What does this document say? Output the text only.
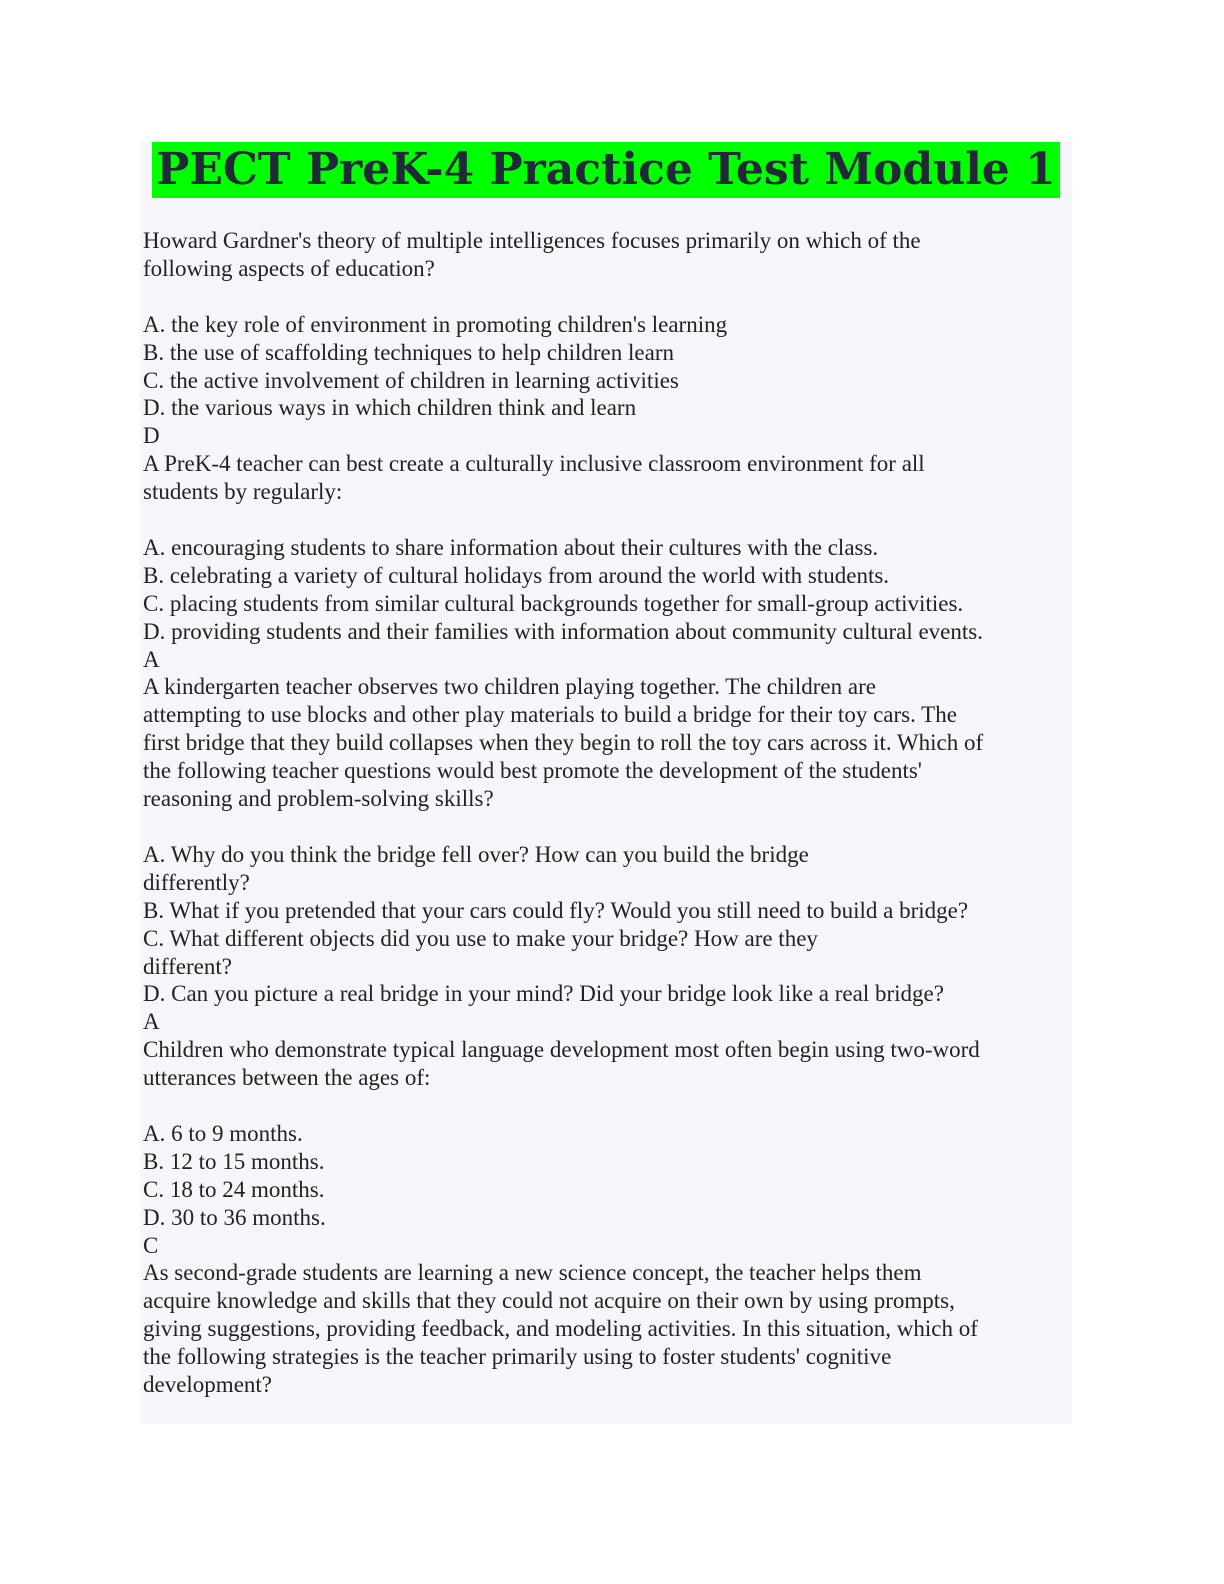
PECT PreK-4 Practice Test Module 1
Howard Gardner's theory of multiple intelligences focuses primarily on which of the
following aspects of education?
A. the key role of environment in promoting children's learning
B. the use of scaffolding techniques to help children learn
C. the active involvement of children in learning activities
D. the various ways in which children think and learn
D
A PreK-4 teacher can best create a culturally inclusive classroom environment for all
students by regularly:
A. encouraging students to share information about their cultures with the class.
B. celebrating a variety of cultural holidays from around the world with students.
C. placing students from similar cultural backgrounds together for small-group activities.
D. providing students and their families with information about community cultural events.
A
A kindergarten teacher observes two children playing together. The children are
attempting to use blocks and other play materials to build a bridge for their toy cars. The
first bridge that they build collapses when they begin to roll the toy cars across it. Which of
the following teacher questions would best promote the development of the students'
reasoning and problem-solving skills?
A. Why do you think the bridge fell over? How can you build the bridge
differently?
B. What if you pretended that your cars could fly? Would you still need to build a bridge?
C. What different objects did you use to make your bridge? How are they
different?
D. Can you picture a real bridge in your mind? Did your bridge look like a real bridge?
A
Children who demonstrate typical language development most often begin using two-word
utterances between the ages of:
A. 6 to 9 months.
B. 12 to 15 months.
C. 18 to 24 months.
D. 30 to 36 months.
C
As second-grade students are learning a new science concept, the teacher helps them
acquire knowledge and skills that they could not acquire on their own by using prompts,
giving suggestions, providing feedback, and modeling activities. In this situation, which of
the following strategies is the teacher primarily using to foster students' cognitive
development?
